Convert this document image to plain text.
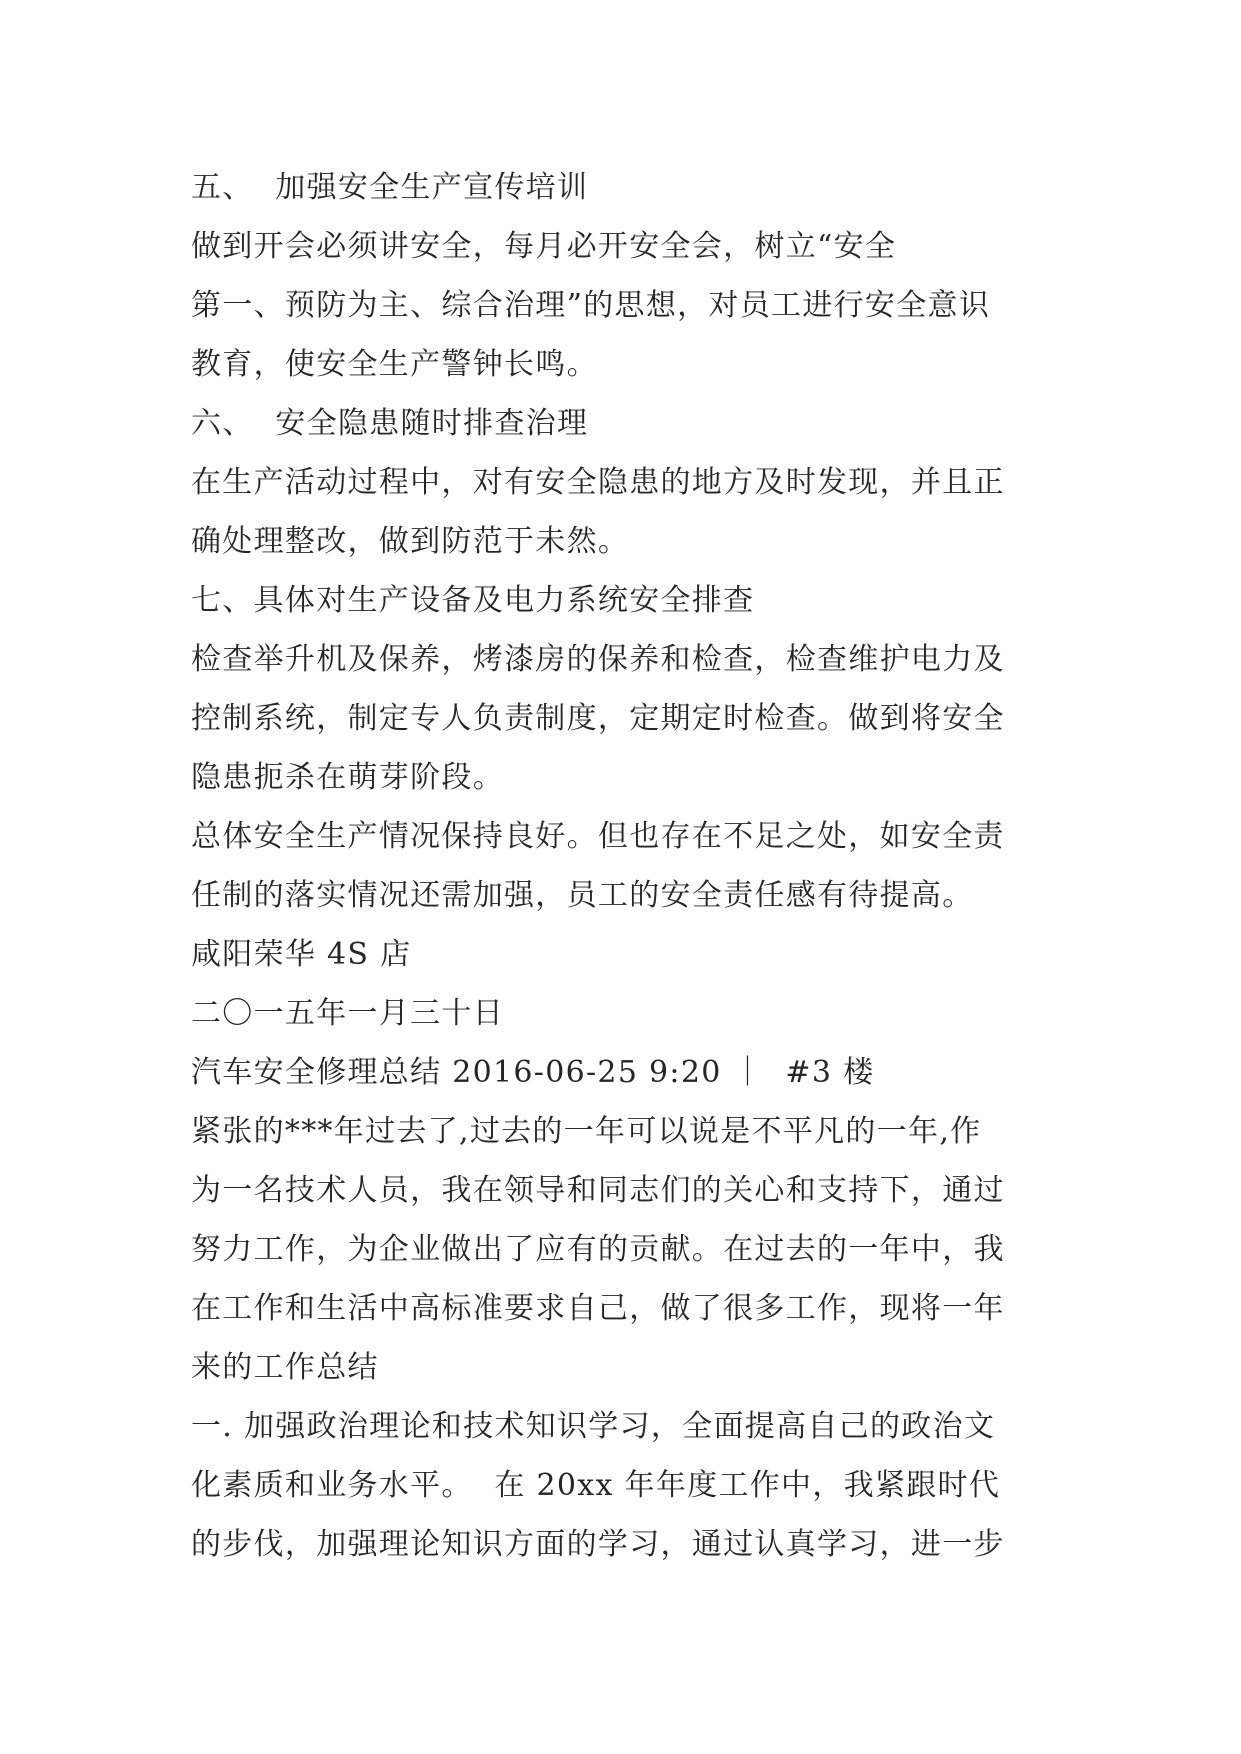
五、  加强安全生产宣传培训
做到开会必须讲安全，每月必开安全会，树立“安全
第一、预防为主、综合治理”的思想，对员工进行安全意识
教育，使安全生产警钟长鸣。
六、  安全隐患随时排查治理
在生产活动过程中，对有安全隐患的地方及时发现，并且正
确处理整改，做到防范于未然。
七、具体对生产设备及电力系统安全排查
检查举升机及保养，烤漆房的保养和检查，检查维护电力及
控制系统，制定专人负责制度，定期定时检查。做到将安全
隐患扼杀在萌芽阶段。
总体安全生产情况保持良好。但也存在不足之处，如安全责
任制的落实情况还需加强，员工的安全责任感有待提高。
咸阳荣华 4S 店
二〇一五年一月三十日
汽车安全修理总结 2016-06-25 9:20 ｜  #3 楼
紧张的***年过去了,过去的一年可以说是不平凡的一年,作
为一名技术人员，我在领导和同志们的关心和支持下，通过
努力工作，为企业做出了应有的贡献。在过去的一年中，我
在工作和生活中高标准要求自己，做了很多工作，现将一年
来的工作总结
一. 加强政治理论和技术知识学习，全面提高自己的政治文
化素质和业务水平。  在 20xx 年年度工作中，我紧跟时代
的步伐，加强理论知识方面的学习，通过认真学习，进一步
